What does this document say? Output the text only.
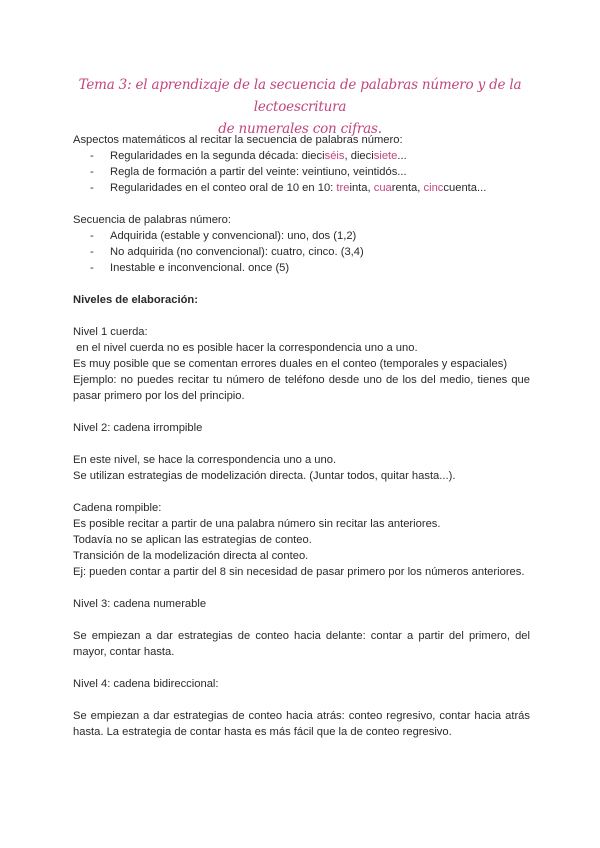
Tema 3: el aprendizaje de la secuencia de palabras número y de la lectoescritura
de numerales con cifras.
Aspectos matemáticos al recitar la secuencia de palabras número:
- Regularidades en la segunda década: dieciséis, diecisiete...
- Regla de formación a partir del veinte: veintiuno, veintidós...
- Regularidades en el conteo oral de 10 en 10: treinta, cuarenta, cinccuenta...
Secuencia de palabras número:
- Adquirida (estable y convencional): uno, dos (1,2)
- No adquirida (no convencional): cuatro, cinco. (3,4)
- Inestable e inconvencional. once (5)
Niveles de elaboración:
Nivel 1 cuerda:
en el nivel cuerda no es posible hacer la correspondencia uno a uno.
Es muy posible que se comentan errores duales en el conteo (temporales y espaciales)
Ejemplo: no puedes recitar tu número de teléfono desde uno de los del medio, tienes que pasar primero por los del principio.
Nivel 2: cadena irrompible
En este nivel, se hace la correspondencia uno a uno.
Se utilizan estrategias de modelización directa. (Juntar todos, quitar hasta...).
Cadena rompible:
Es posible recitar a partir de una palabra número sin recitar las anteriores.
Todavía no se aplican las estrategias de conteo.
Transición de la modelización directa al conteo.
Ej: pueden contar a partir del 8 sin necesidad de pasar primero por los números anteriores.
Nivel 3: cadena numerable
Se empiezan a dar estrategias de conteo hacia delante: contar a partir del primero, del mayor, contar hasta.
Nivel 4: cadena bidireccional:
Se empiezan a dar estrategias de conteo hacia atrás: conteo regresivo, contar hacia atrás hasta. La estrategia de contar hasta es más fácil que la de conteo regresivo.
